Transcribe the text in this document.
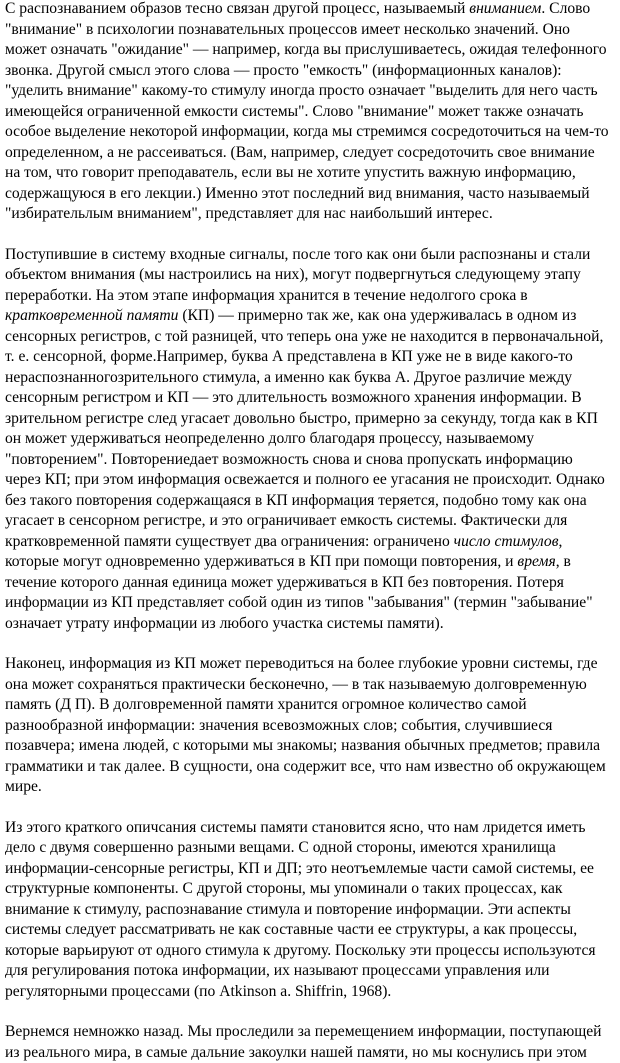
С распознаванием образов тесно связан другой процесс, называемый вниманием. Слово "внимание" в психологии познавательных процессов имеет несколько значений. Оно может означать "ожидание" — например, когда вы прислушиваетесь, ожидая телефонного звонка. Другой смысл этого слова — просто "емкость" (информационных каналов): "уделить внимание" какому-то стимулу иногда просто означает "выделить для него часть имеющейся ограниченной емкости системы". Слово "внимание" может также означать особое выделение некоторой информации, когда мы стремимся сосредоточиться на чем-то определенном, а не рассеиваться. (Вам, например, следует сосредоточить свое внимание на том, что говорит преподаватель, если вы не хотите упустить важную информацию, содержащуюся в его лекции.) Именно этот последний вид внимания, часто называемый "избирательлым вниманием", представляет для нас наибольший интерес.

Поступившие в систему входные сигналы, после того как они были распознаны и стали объектом внимания (мы настроились на них), могут подвергнуться следующему этапу переработки. На этом этапе информация хранится в течение недолгого срока в кратковременной памяти (КП) — примерно так же, как она удерживалась в одном из сенсорных регистров, с той разницей, что теперь она уже не находится в первоначальной, т. е. сенсорной, форме.Например, буква А представлена в КП уже не в виде какого-то нераспознанногозрительного стимула, а именно как буква А. Другое различие между сенсорным регистром и КП — это длительность возможного хранения информации. В зрительном регистре след угасает довольно быстро, примерно за секунду, тогда как в КП он может удерживаться неопределенно долго благодаря процессу, называемому "повторением". Повторениедает возможность снова и снова пропускать информацию через КП; при этом информация освежается и полного ее угасания не происходит. Однако без такого повторения содержащаяся в КП информация теряется, подобно тому как она угасает в сенсорном регистре, и это ограничивает емкость системы. Фактически для кратковременной памяти существует два ограничения: ограничено число стимулов, которые могут одновременно удерживаться в КП при помощи повторения, и время, в течение которого данная единица может удерживаться в КП без повторения. Потеря информации из КП представляет собой один из типов "забывания" (термин "забывание" означает утрату информации из любого участка системы памяти).

Наконец, информация из КП может переводиться на более глубокие уровни системы, где она может сохраняться практически бесконечно, — в так называемую долговременную память (Д П). В долговременной памяти хранится огромное количество самой разнообразной информации: значения всевозможных слов; события, случившиеся позавчера; имена людей, с которыми мы знакомы; названия обычных предметов; правила грамматики и так далее. В сущности, она содержит все, что нам известно об окружающем мире.

Из этого краткого опичсания системы памяти становится ясно, что нам лридется иметь дело с двумя совершенно разными вещами. С одной стороны, имеются хранилища информации-сенсорные регистры, КП и ДП; это неотъемлемые части самой системы, ее структурные компоненты. С другой стороны, мы упоминали о таких процессах, как внимание к стимулу, распознавание стимула и повторение информации. Эти аспекты системы следует рассматривать не как составные части ее структуры, а как процессы, которые варьируют от одного стимула к другому. Поскольку эти процессы используются для регулирования потока информации, их называют процессами управления или регуляторными процессами (по Atkinson a. Shiffrin, 1968).

Вернемся немножко назад. Мы проследили за перемещением информации, поступающей из реального мира, в самые дальние закоулки нашей памяти, но мы коснулись при этом
